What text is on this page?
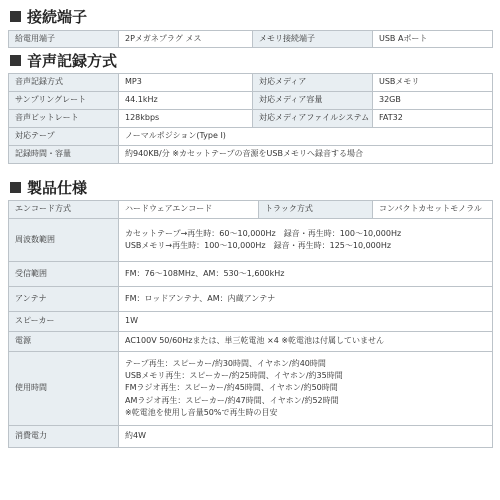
接続端子
給電用端子	2Pメガネプラグ メス	メモリ接続端子	USB Aポート
音声記録方式
音声記録方式	MP3	対応メディア	USBメモリ
サンプリングレート	44.1kHz	対応メディア容量	32GB
音声ビットレート	128kbps	対応メディアファイルシステム	FAT32
対応テープ	ノーマルポジション(Type I)		
記録時間・容量	約940KB/分 ※カセットテープの音源をUSBメモリへ録音する場合		
製品仕様
エンコード方式	ハードウェアエンコード	トラック方式	コンパクトカセットモノラル
周波数範囲	カセットテープ→再生時：60～10,000Hz　録音・再生時：100～10,000Hz
USBメモリ→再生時：100～10,000Hz　録音・再生時：125～10,000Hz		

受信範囲	FM：76～108MHz、AM：530～1,600kHz		
アンテナ	FM：ロッドアンテナ、AM：内蔵アンテナ		
スピーカー	1W		
電源	AC100V 50/60Hzまたは、単三乾電池 ×4 ※乾電池は付属していません		
使用時間	テープ再生：スピーカー/約30時間、イヤホン/約40時間
USBメモリ再生：スピーカー/約25時間、イヤホン/約35時間
FMラジオ再生：スピーカー/約45時間、イヤホン/約50時間
AMラジオ再生：スピーカー/約47時間、イヤホン/約52時間
※乾電池を使用し音量50%で再生時の目安		

消費電力	約4W		
